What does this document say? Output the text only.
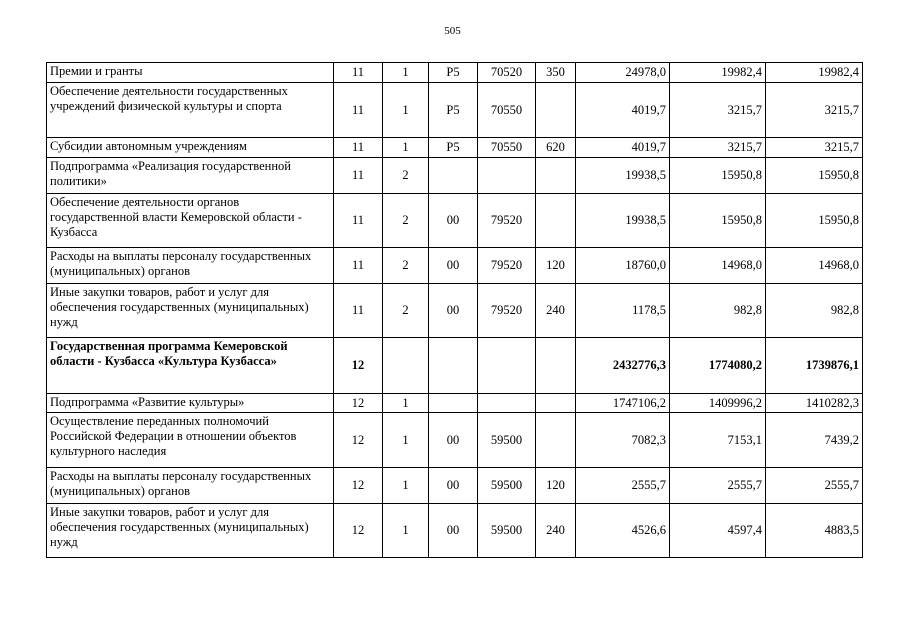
505
Премии и гранты	11	1	Р5	70520	350	24978,0	19982,4	19982,4
Обеспечение деятельности государственных учреждений физической культуры и спорта	11	1	Р5	70550		4019,7	3215,7	3215,7
Субсидии автономным учреждениям	11	1	Р5	70550	620	4019,7	3215,7	3215,7
Подпрограмма «Реализация государственной политики»	11	2				19938,5	15950,8	15950,8
Обеспечение деятельности органов государственной власти Кемеровской области - Кузбасса	11	2	00	79520		19938,5	15950,8	15950,8
Расходы на выплаты персоналу государственных (муниципальных) органов	11	2	00	79520	120	18760,0	14968,0	14968,0
Иные закупки товаров, работ и услуг для обеспечения государственных (муниципальных) нужд	11	2	00	79520	240	1178,5	982,8	982,8
Государственная программа Кемеровской области - Кузбасса «Культура Кузбасса»	12					2432776,3	1774080,2	1739876,1
Подпрограмма «Развитие культуры»	12	1				1747106,2	1409996,2	1410282,3
Осуществление переданных полномочий Российской Федерации в отношении объектов культурного наследия	12	1	00	59500		7082,3	7153,1	7439,2
Расходы на выплаты персоналу государственных (муниципальных) органов	12	1	00	59500	120	2555,7	2555,7	2555,7
Иные закупки товаров, работ и услуг для обеспечения государственных (муниципальных) нужд	12	1	00	59500	240	4526,6	4597,4	4883,5
